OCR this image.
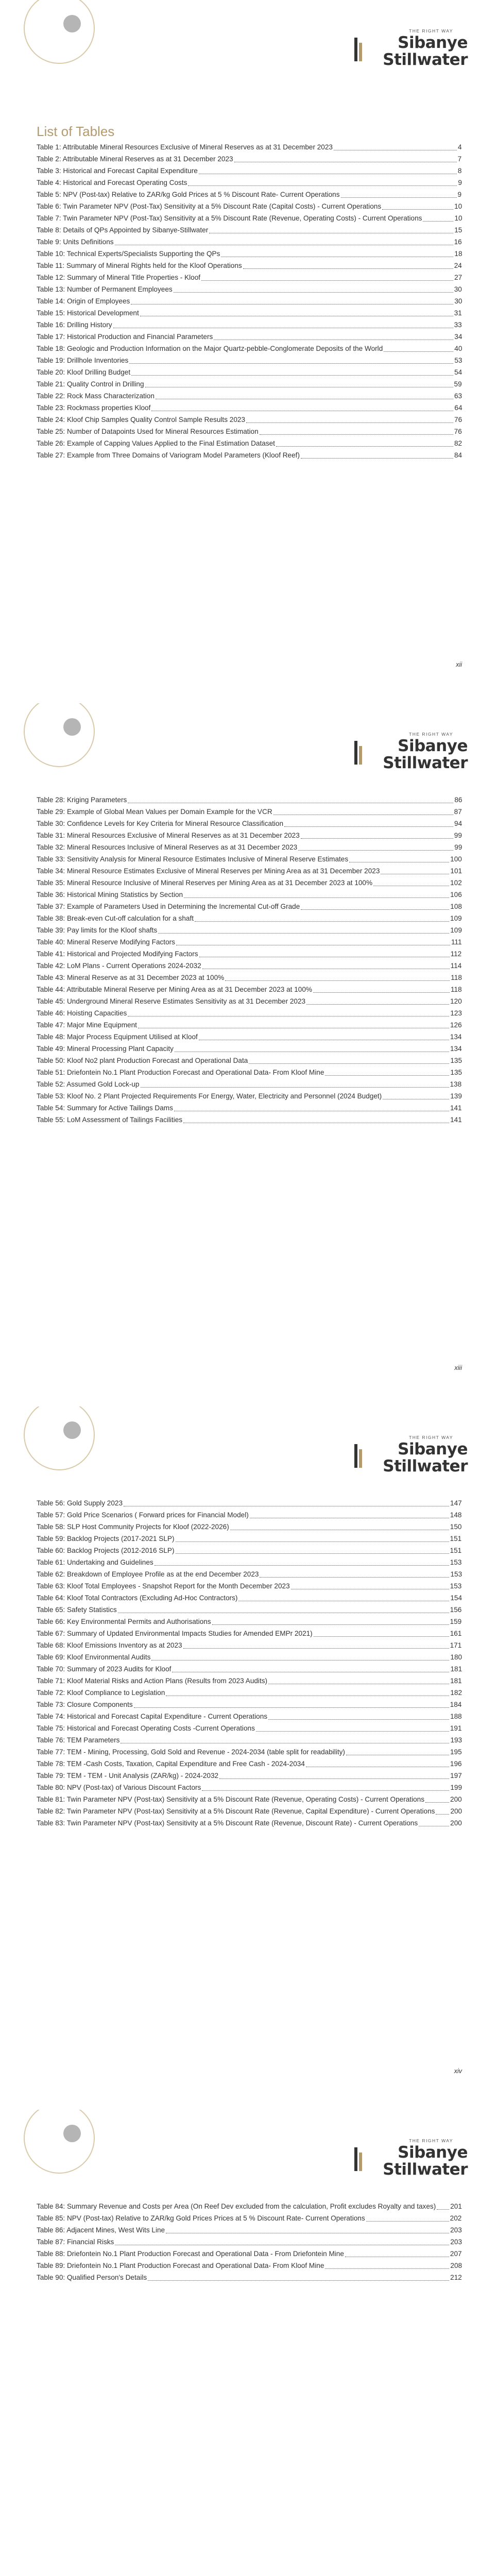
THE RIGHT WAY
Sibanye
Stillwater
List of Tables
Table 1: Attributable Mineral Resources Exclusive of Mineral Reserves as at 31 December 2023	4
Table 2: Attributable Mineral Reserves as at 31 December 2023	7
Table 3: Historical and Forecast Capital Expenditure	8
Table 4: Historical and Forecast Operating Costs	9
Table 5: NPV (Post-tax) Relative to ZAR/kg Gold Prices at 5 % Discount Rate- Current Operations	9
Table 6: Twin Parameter NPV (Post-Tax) Sensitivity at a 5% Discount Rate (Capital Costs) - Current Operations	10
Table 7: Twin Parameter NPV (Post-Tax) Sensitivity at a 5% Discount Rate (Revenue, Operating Costs) - Current Operations	10
Table 8: Details of QPs Appointed by Sibanye-Stillwater	15
Table 9: Units Definitions	16
Table 10: Technical Experts/Specialists Supporting the QPs	18
Table 11: Summary of Mineral Rights held for the Kloof Operations	24
Table 12: Summary of Mineral Title Properties - Kloof	27
Table 13: Number of Permanent Employees	30
Table 14: Origin of Employees	30
Table 15: Historical Development	31
Table 16: Drilling History	33
Table 17: Historical Production and Financial Parameters	34
Table 18: Geologic and Production Information on the Major Quartz-pebble-Conglomerate Deposits of the World	40
Table 19: Drillhole Inventories	53
Table 20: Kloof Drilling Budget	54
Table 21: Quality Control in Drilling	59
Table 22: Rock Mass Characterization	63
Table 23: Rockmass properties Kloof	64
Table 24: Kloof Chip Samples Quality Control Sample Results 2023	76
Table 25: Number of Datapoints Used for Mineral Resources Estimation	76
Table 26: Example of Capping Values Applied to the Final Estimation Dataset	82
Table 27: Example from Three Domains of Variogram Model Parameters (Kloof Reef)	84
xii
THE RIGHT WAY
Sibanye
Stillwater
Table 28: Kriging Parameters	86
Table 29: Example of Global Mean Values per Domain Example for the VCR	87
Table 30: Confidence Levels for Key Criteria for Mineral Resource Classification	94
Table 31: Mineral Resources Exclusive of Mineral Reserves as at 31 December 2023	99
Table 32: Mineral Resources Inclusive of Mineral Reserves as at 31 December 2023	99
Table 33: Sensitivity Analysis for Mineral Resource Estimates Inclusive of Mineral Reserve Estimates	100
Table 34: Mineral Resource Estimates Exclusive of Mineral Reserves per Mining Area as at 31 December 2023	101
Table 35: Mineral Resource Inclusive of Mineral Reserves per Mining Area as at 31 December 2023 at 100%	102
Table 36: Historical Mining Statistics by Section	106
Table 37: Example of Parameters Used in Determining the Incremental Cut-off Grade	108
Table 38: Break-even Cut-off calculation for a shaft	109
Table 39: Pay limits for the Kloof shafts	109
Table 40: Mineral Reserve Modifying Factors	111
Table 41: Historical and Projected Modifying Factors	112
Table 42: LoM Plans - Current Operations 2024-2032	114
Table 43: Mineral Reserve as at 31 December 2023 at 100%	118
Table 44: Attributable Mineral Reserve per Mining Area as at 31 December 2023 at 100%	118
Table 45: Underground Mineral Reserve Estimates Sensitivity as at 31 December 2023	120
Table 46: Hoisting Capacities	123
Table 47: Major Mine Equipment	126
Table 48: Major Process Equipment Utilised at Kloof	134
Table 49: Mineral Processing Plant Capacity	134
Table 50: Kloof No2 plant Production Forecast and Operational Data	135
Table 51: Driefontein No.1 Plant Production Forecast and Operational Data- From Kloof Mine	135
Table 52: Assumed Gold Lock-up	138
Table 53: Kloof No. 2 Plant Projected Requirements For Energy, Water, Electricity and Personnel (2024 Budget)	139
Table 54: Summary for Active Tailings Dams	141
Table 55: LoM Assessment of Tailings Facilities	141
xiii
THE RIGHT WAY
Sibanye
Stillwater
Table 56: Gold Supply 2023	147
Table 57: Gold Price Scenarios ( Forward prices for Financial Model)	148
Table 58: SLP Host Community Projects for Kloof (2022-2026)	150
Table 59: Backlog Projects (2017-2021 SLP)	151
Table 60: Backlog Projects (2012-2016 SLP)	151
Table 61: Undertaking and Guidelines	153
Table 62: Breakdown of Employee Profile as at the end December 2023	153
Table 63: Kloof Total Employees - Snapshot Report for the Month December 2023	153
Table 64: Kloof Total Contractors (Excluding Ad-Hoc Contractors)	154
Table 65: Safety Statistics	156
Table 66: Key Environmental Permits and Authorisations	159
Table 67: Summary of Updated Environmental Impacts Studies for Amended EMPr 2021)	161
Table 68: Kloof Emissions Inventory as at 2023	171
Table 69: Kloof Environmental Audits	180
Table 70: Summary of 2023 Audits for Kloof	181
Table 71: Kloof Material Risks and Action Plans (Results from 2023 Audits)	181
Table 72: Kloof Compliance to Legislation	182
Table 73: Closure Components	184
Table 74: Historical and Forecast Capital Expenditure - Current Operations	188
Table 75: Historical and Forecast Operating Costs -Current Operations	191
Table 76: TEM Parameters	193
Table 77: TEM - Mining, Processing, Gold Sold and Revenue - 2024-2034 (table split for readability)	195
Table 78: TEM -Cash Costs, Taxation, Capital Expenditure and Free Cash - 2024-2034	196
Table 79: TEM - TEM - Unit Analysis (ZAR/kg) - 2024-2032	197
Table 80: NPV (Post-tax) of Various Discount Factors	199
Table 81: Twin Parameter NPV (Post-tax) Sensitivity at a 5% Discount Rate (Revenue, Operating Costs) - Current Operations	200
Table 82: Twin Parameter NPV (Post-tax) Sensitivity at a 5% Discount Rate (Revenue, Capital Expenditure) - Current Operations 200
Table 83: Twin Parameter NPV (Post-tax) Sensitivity at a 5% Discount Rate (Revenue, Discount Rate) - Current Operations	200
xiv
THE RIGHT WAY
Sibanye
Stillwater
Table 84: Summary Revenue and Costs per Area (On Reef Dev excluded from the calculation, Profit excludes Royalty and taxes) 201
Table 85: NPV (Post-tax) Relative to ZAR/kg Gold Prices Prices at 5 % Discount Rate- Current Operations	202
Table 86: Adjacent Mines, West Wits Line	203
Table 87: Financial Risks	203
Table 88: Driefontein No.1 Plant Production Forecast and Operational Data - From Driefontein Mine	207
Table 89: Driefontein No.1 Plant Production Forecast and Operational Data- From Kloof Mine	208
Table 90: Qualified Person's Details	212
